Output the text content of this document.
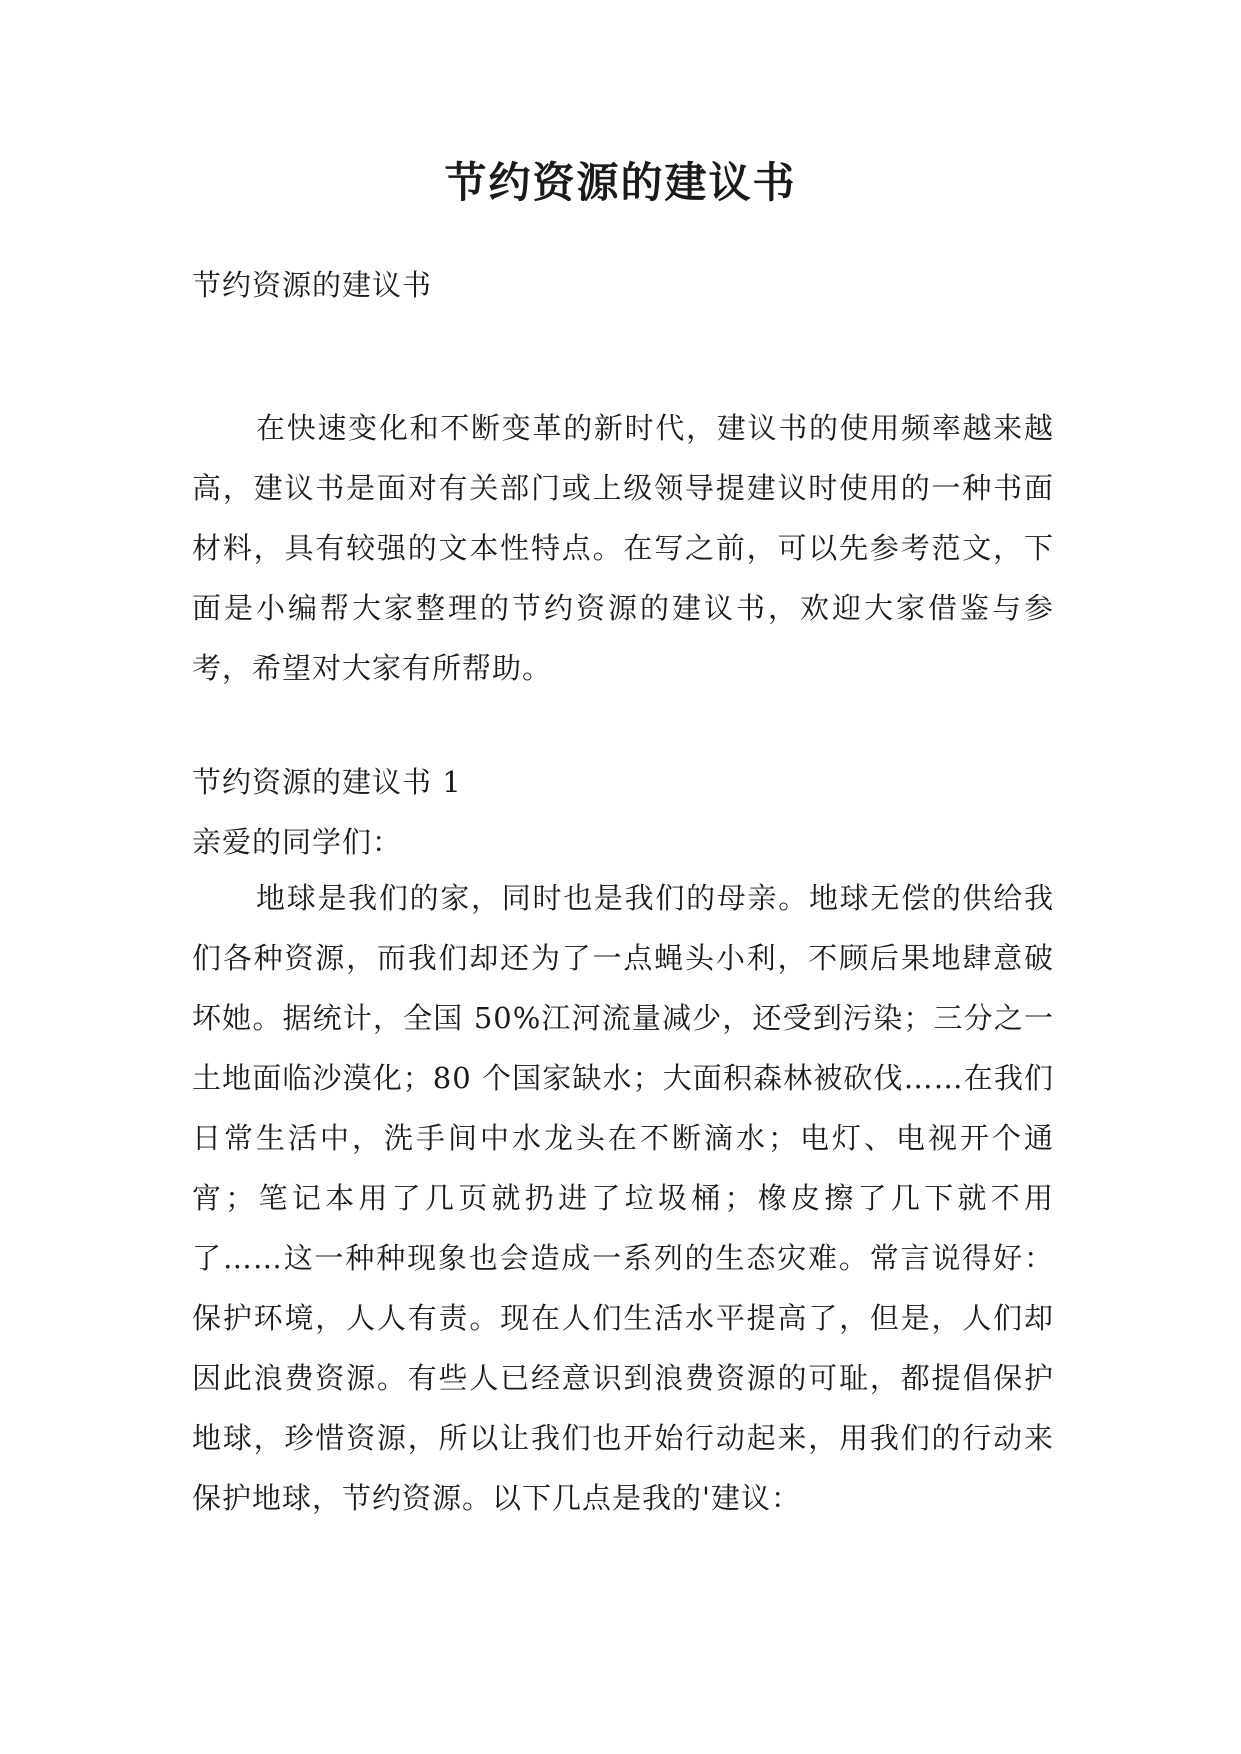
节约资源的建议书

节约资源的建议书

在快速变化和不断变革的新时代，建议书的使用频率越来越高，建议书是面对有关部门或上级领导提建议时使用的一种书面材料，具有较强的文本性特点。在写之前，可以先参考范文，下面是小编帮大家整理的节约资源的建议书，欢迎大家借鉴与参考，希望对大家有所帮助。

节约资源的建议书 1

亲爱的同学们：

地球是我们的家，同时也是我们的母亲。地球无偿的供给我们各种资源，而我们却还为了一点蝇头小利，不顾后果地肆意破坏她。据统计，全国 50%江河流量减少，还受到污染；三分之一土地面临沙漠化；80 个国家缺水；大面积森林被砍伐……在我们日常生活中，洗手间中水龙头在不断滴水；电灯、电视开个通宵；笔记本用了几页就扔进了垃圾桶；橡皮擦了几下就不用了……这一种种现象也会造成一系列的生态灾难。常言说得好：保护环境，人人有责。现在人们生活水平提高了，但是，人们却因此浪费资源。有些人已经意识到浪费资源的可耻，都提倡保护地球，珍惜资源，所以让我们也开始行动起来，用我们的行动来保护地球，节约资源。以下几点是我的'建议：
